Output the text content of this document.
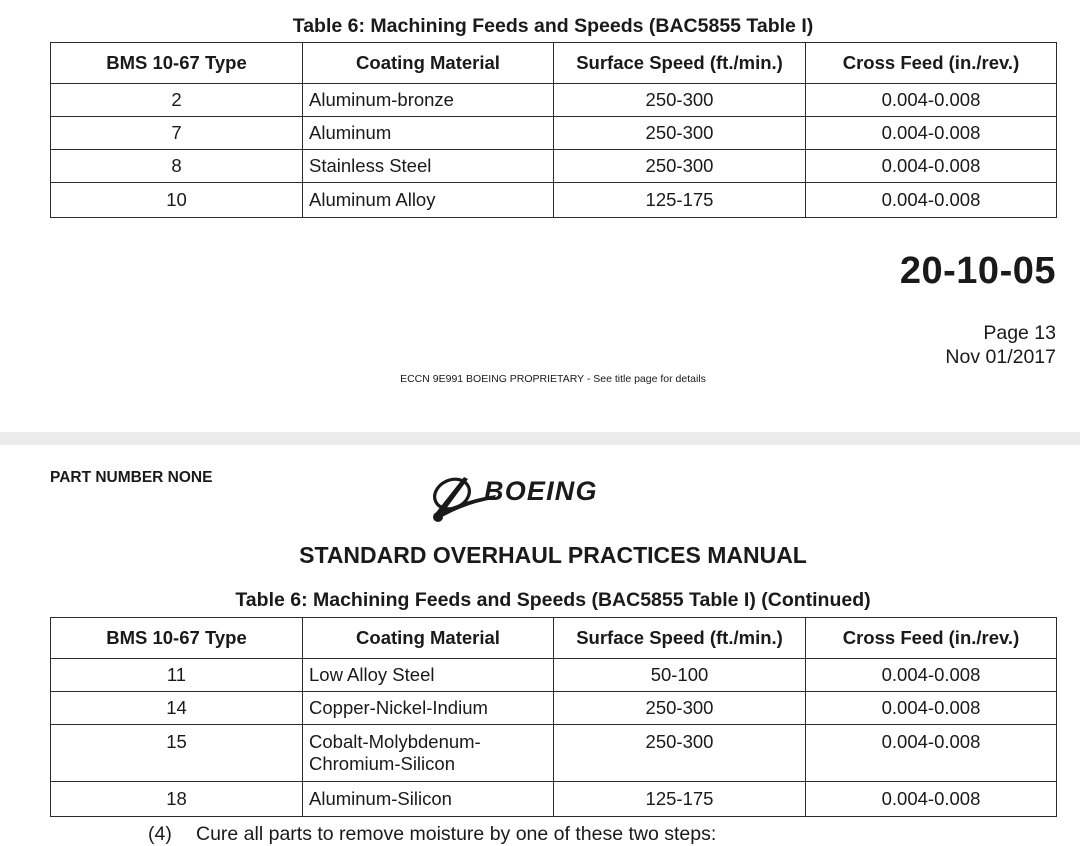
Table 6: Machining Feeds and Speeds (BAC5855 Table I)
BMS 10-67 Type	Coating Material	Surface Speed (ft./min.)	Cross Feed (in./rev.)
2	Aluminum-bronze	250-300	0.004-0.008
7	Aluminum	250-300	0.004-0.008
8	Stainless Steel	250-300	0.004-0.008
10	Aluminum Alloy	125-175	0.004-0.008
20-10-05
Page 13
Nov 01/2017
ECCN 9E991 BOEING PROPRIETARY - See title page for details
PART NUMBER NONE	BOEING
STANDARD OVERHAUL PRACTICES MANUAL
Table 6: Machining Feeds and Speeds (BAC5855 Table I) (Continued)
BMS 10-67 Type	Coating Material	Surface Speed (ft./min.)	Cross Feed (in./rev.)
11	Low Alloy Steel	50-100	0.004-0.008
14	Copper-Nickel-Indium	250-300	0.004-0.008
15	Cobalt-Molybdenum-
Chromium-Silicon	250-300	0.004-0.008
18	Aluminum-Silicon	125-175	0.004-0.008
(4) Cure all parts to remove moisture by one of these two steps:
